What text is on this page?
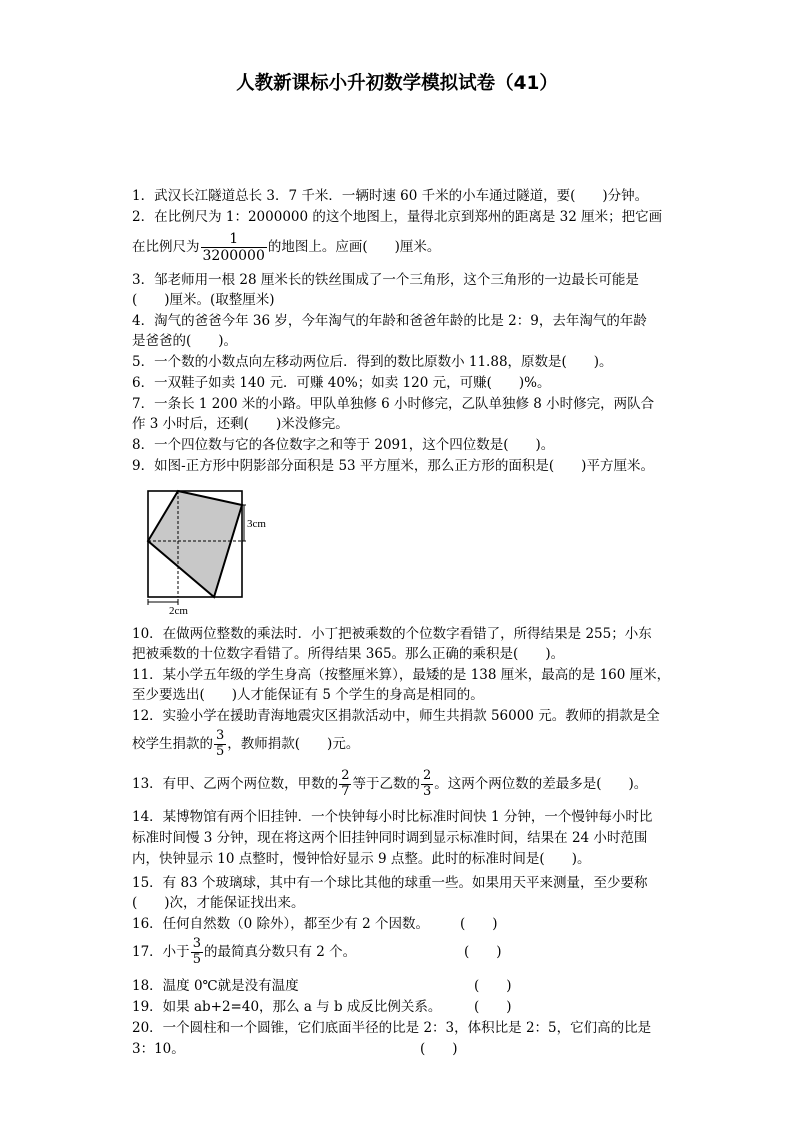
人教新课标小升初数学模拟试卷（41）
1．武汉长江隧道总长 3．7 千米．一辆时速 60 千米的小车通过隧道，要(　　)分钟。
2．在比例尺为 1：2000000 的这个地图上，量得北京到郑州的距离是 32 厘米；把它画
在比例尺为 $\frac{1}{3200000}$ 的地图上。应画(　　)厘米。
3．邹老师用一根 28 厘米长的铁丝围成了一个三角形，这个三角形的一边最长可能是
(　　)厘米。(取整厘米)
4．淘气的爸爸今年 36 岁，今年淘气的年龄和爸爸年龄的比是 2：9，去年淘气的年龄
是爸爸的(　　)。
5．一个数的小数点向左移动两位后．得到的数比原数小 11.88，原数是(　　)。
6．一双鞋子如卖 140 元．可赚 40%；如卖 120 元，可赚(　　)%。
7．一条长 1 200 米的小路。甲队单独修 6 小时修完，乙队单独修 8 小时修完，两队合
作 3 小时后，还剩(　　)米没修完。
8．一个四位数与它的各位数字之和等于 2091，这个四位数是(　　)。
9．如图-正方形中阴影部分面积是 53 平方厘米，那么正方形的面积是(　　)平方厘米。
3cm
2cm
10．在做两位整数的乘法时．小丁把被乘数的个位数字看错了，所得结果是 255；小东
把被乘数的十位数字看错了。所得结果 365。那么正确的乘积是(　　)。
11．某小学五年级的学生身高（按整厘米算），最矮的是 138 厘米，最高的是 160 厘米，
至少要选出(　　)人才能保证有 5 个学生的身高是相同的。
12．实验小学在援助青海地震灾区捐款活动中，师生共捐款 56000 元。教师的捐款是全
校学生捐款的 $\frac{3}{5}$ ，教师捐款(　　)元。
13．有甲、乙两个两位数，甲数的 $\frac{2}{7}$ 等于乙数的 $\frac{2}{3}$ 。这两个两位数的差最多是(　　)。
14．某博物馆有两个旧挂钟．一个快钟每小时比标准时间快 1 分钟，一个慢钟每小时比
标准时间慢 3 分钟，现在将这两个旧挂钟同时调到显示标准时间，结果在 24 小时范围
内，快钟显示 10 点整时，慢钟恰好显示 9 点整。此时的标准时间是(　　)。
15．有 83 个玻璃球，其中有一个球比其他的球重一些。如果用天平来测量，至少要称
(　　)次，才能保证找出来。
16．任何自然数（0 除外），都至少有 2 个因数。 (　　)
17．小于 $\frac{3}{5}$ 的最简真分数只有 2 个。	(　　)
18．温度 0℃就是没有温度	(　　)
19．如果 ab+2=40，那么 a 与 b 成反比例关系。 (　　)
20．一个圆柱和一个圆锥，它们底面半径的比是 2：3，体积比是 2：5，它们高的比是
3：10。	(　　)
